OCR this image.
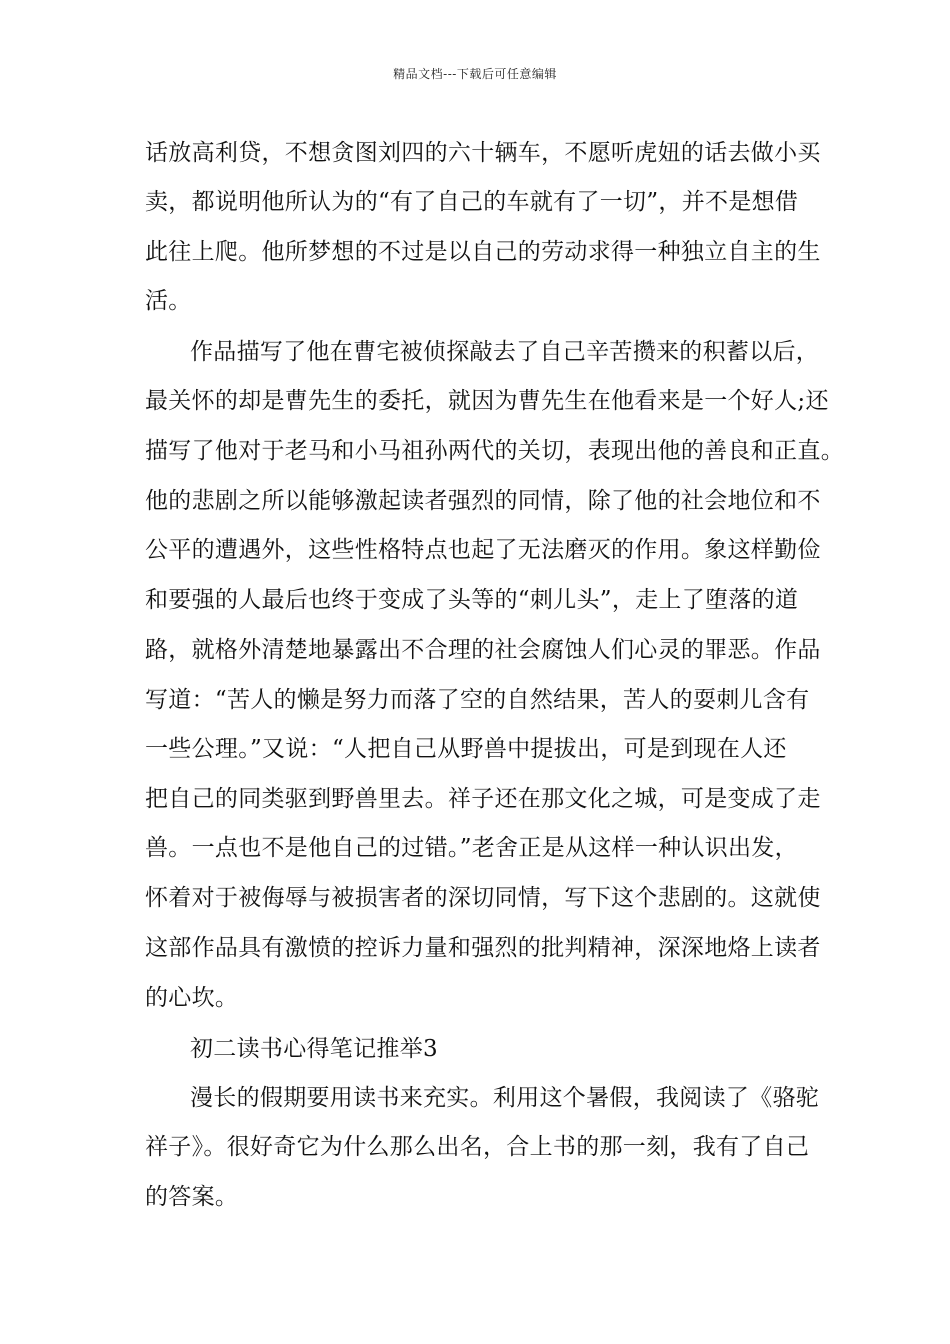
精品文档---下载后可任意编辑
话放高利贷，不想贪图刘四的六十辆车，不愿听虎妞的话去做小买
卖，都说明他所认为的“有了自己的车就有了一切”，并不是想借
此往上爬。他所梦想的不过是以自己的劳动求得一种独立自主的生
活。
作品描写了他在曹宅被侦探敲去了自己辛苦攒来的积蓄以后，
最关怀的却是曹先生的委托，就因为曹先生在他看来是一个好人;还
描写了他对于老马和小马祖孙两代的关切，表现出他的善良和正直。
他的悲剧之所以能够激起读者强烈的同情，除了他的社会地位和不
公平的遭遇外，这些性格特点也起了无法磨灭的作用。象这样勤俭
和要强的人最后也终于变成了头等的“刺儿头”，走上了堕落的道
路，就格外清楚地暴露出不合理的社会腐蚀人们心灵的罪恶。作品
写道：“苦人的懒是努力而落了空的自然结果，苦人的耍刺儿含有
一些公理。”又说：“人把自己从野兽中提拔出，可是到现在人还
把自己的同类驱到野兽里去。祥子还在那文化之城，可是变成了走
兽。一点也不是他自己的过错。”老舍正是从这样一种认识出发，
怀着对于被侮辱与被损害者的深切同情，写下这个悲剧的。这就使
这部作品具有激愤的控诉力量和强烈的批判精神，深深地烙上读者
的心坎。
初二读书心得笔记推举3
漫长的假期要用读书来充实。利用这个暑假，我阅读了《骆驼
祥子》。很好奇它为什么那么出名，合上书的那一刻，我有了自己
的答案。
